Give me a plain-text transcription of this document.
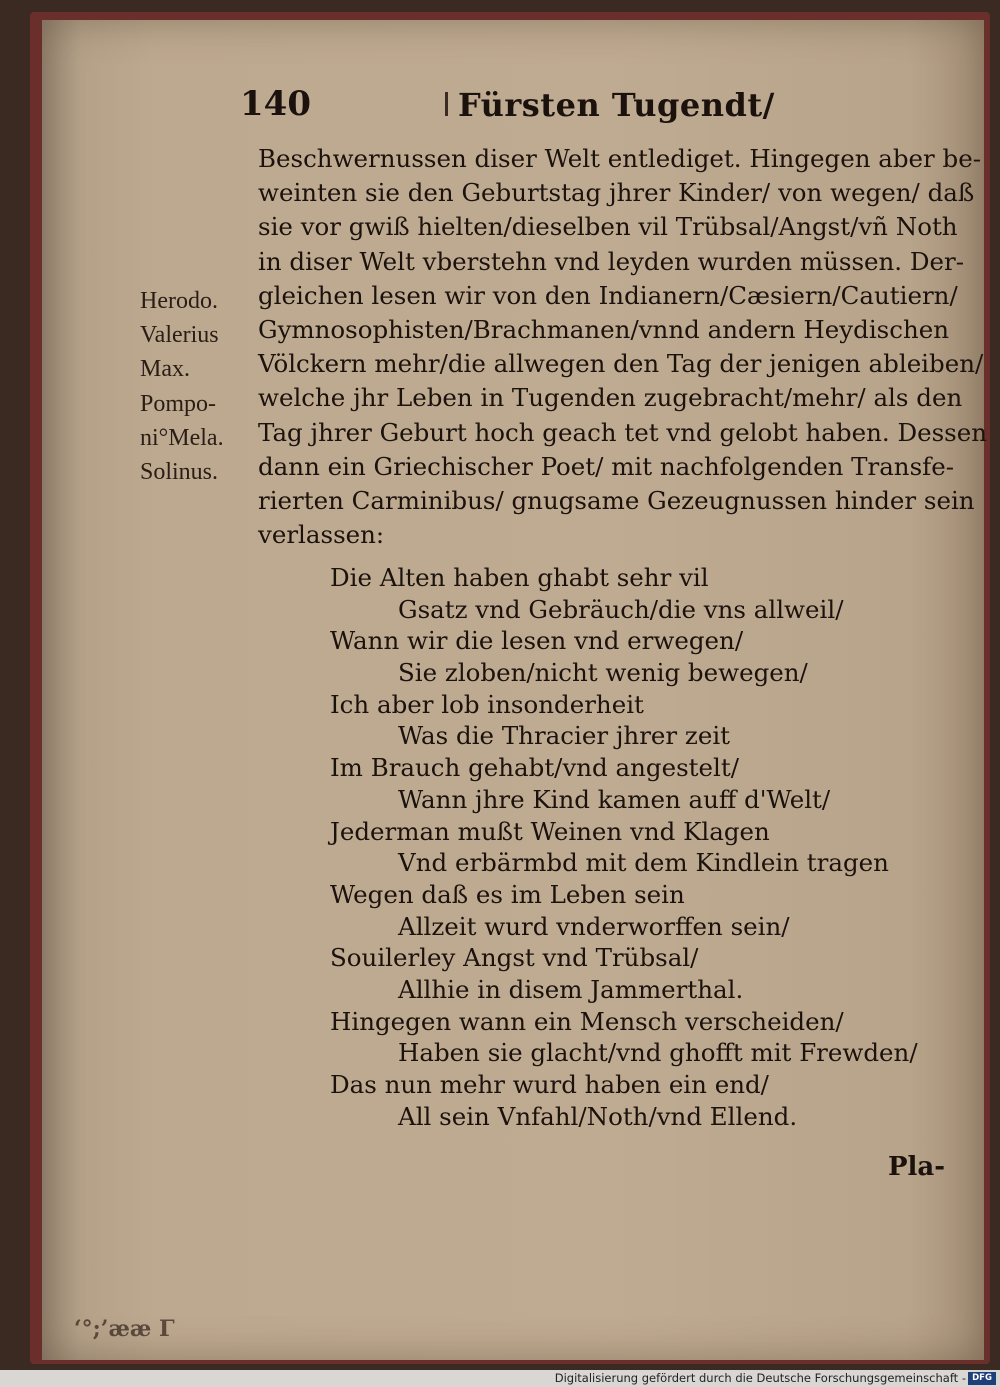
140	Fürsten Tugendt/
Herodo.
Valerius
Max.
Pompo-
ni°Mela.
Solinus.
Beschwernussen diser Welt entlediget. Hingegen aber be-
weinten sie den Geburtstag jhrer Kinder/ von wegen/ daß
sie vor gwiß hielten/dieselben vil Trübsal/Angst/vñ Noth
in diser Welt vberstehn vnd leyden wurden müssen. Der-
gleichen lesen wir von den Indianern/Cæsiern/Cautiern/
Gymnosophisten/Brachmanen/vnnd andern Heydischen
Völckern mehr/die allwegen den Tag der jenigen ableiben/
welche jhr Leben in Tugenden zugebracht/mehr/ als den
Tag jhrer Geburt hoch geach tet vnd gelobt haben. Dessen
dann ein Griechischer Poet/ mit nachfolgenden Transfe-
rierten Carminibus/ gnugsame Gezeugnussen hinder sein
verlassen:
Die Alten haben ghabt sehr vil
Gsatz vnd Gebräuch/die vns allweil/
Wann wir die lesen vnd erwegen/
Sie zloben/nicht wenig bewegen/
Ich aber lob insonderheit
Was die Thracier jhrer zeit
Im Brauch gehabt/vnd angestelt/
Wann jhre Kind kamen auff d'Welt/
Jederman mußt Weinen vnd Klagen
Vnd erbärmbd mit dem Kindlein tragen
Wegen daß es im Leben sein
Allzeit wurd vnderworffen sein/
Souilerley Angst vnd Trübsal/
Allhie in disem Jammerthal.
Hingegen wann ein Mensch verscheiden/
Haben sie glacht/vnd ghofft mit Frewden/
Das nun mehr wurd haben ein end/
All sein Vnfahl/Noth/vnd Ellend.
Pla-
‘°;’ææ Γ
Digitalisierung gefördert durch die Deutsche Forschungsgemeinschaft - DFG
